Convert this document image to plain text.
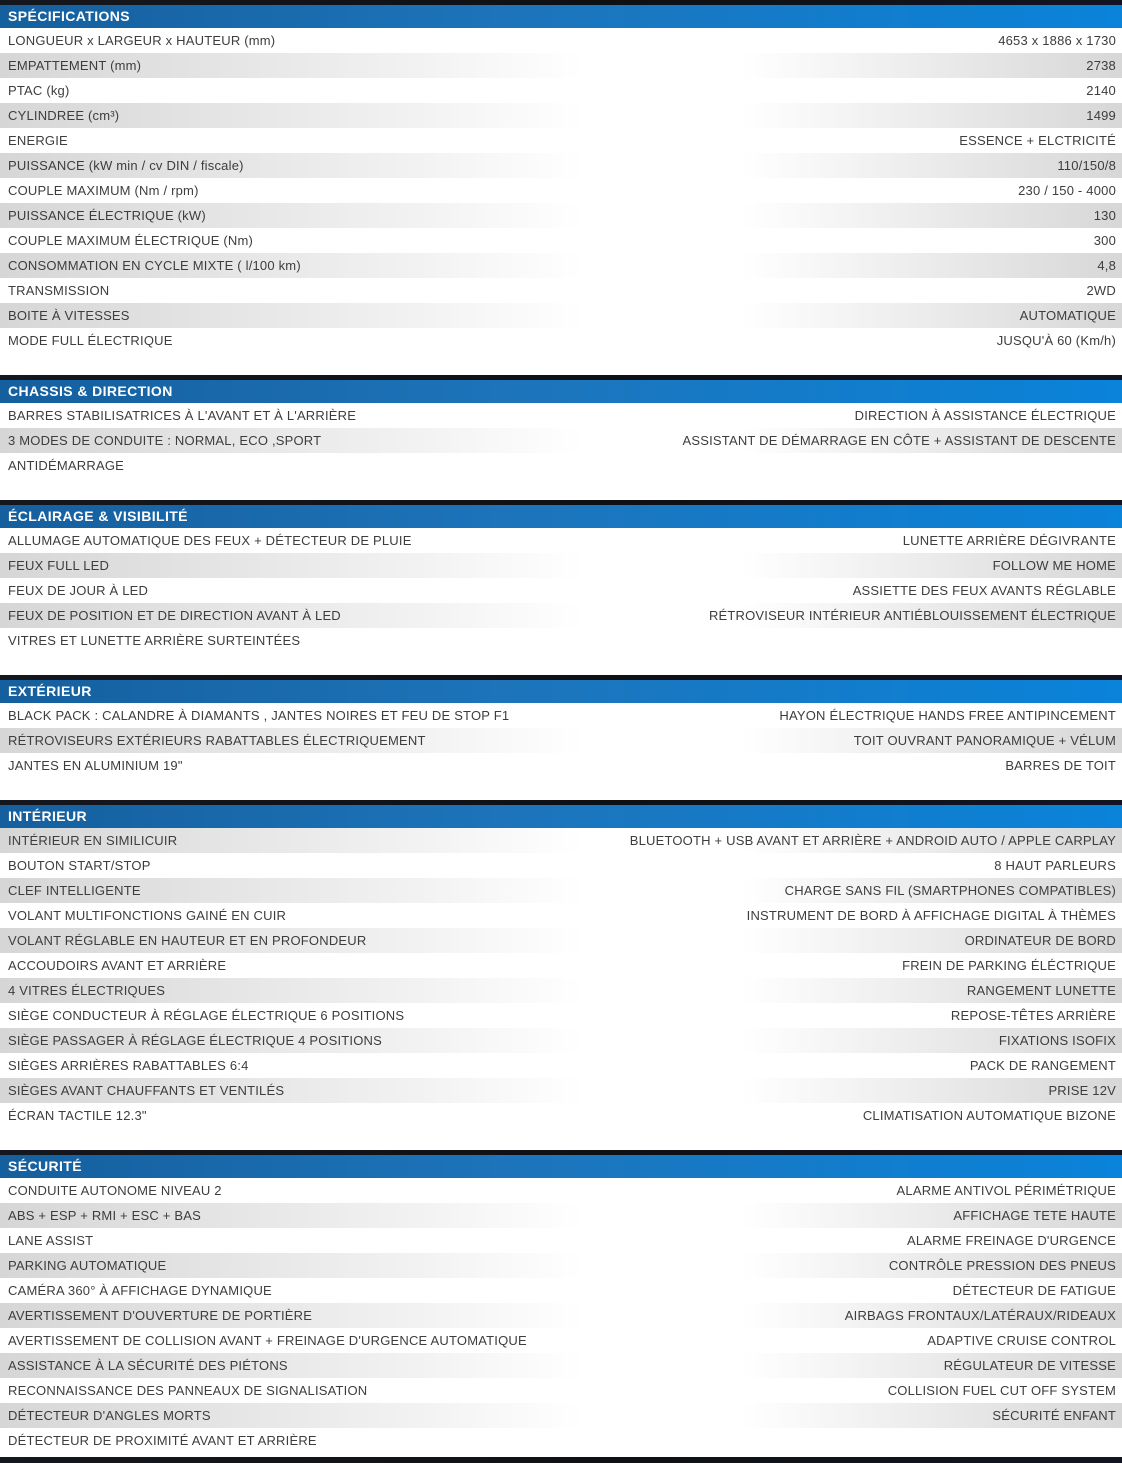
SPÉCIFICATIONS
LONGUEUR x LARGEUR x HAUTEUR (mm)	4653 x 1886 x 1730
EMPATTEMENT (mm)	2738
PTAC (kg)	2140
CYLINDREE (cm³)	1499
ENERGIE	ESSENCE + ELCTRICITÉ
PUISSANCE (kW min / cv DIN / fiscale)	110/150/8
COUPLE MAXIMUM (Nm / rpm)	230 / 150 - 4000
PUISSANCE ÉLECTRIQUE (kW)	130
COUPLE MAXIMUM ÉLECTRIQUE (Nm)	300
CONSOMMATION EN CYCLE MIXTE ( l/100 km)	4,8
TRANSMISSION	2WD
BOITE À VITESSES	AUTOMATIQUE
MODE FULL ÉLECTRIQUE	JUSQU'À 60 (Km/h)
CHASSIS & DIRECTION
BARRES STABILISATRICES À L'AVANT ET À L'ARRIÈRE	DIRECTION À ASSISTANCE ÉLECTRIQUE
3 MODES DE CONDUITE : NORMAL, ECO ,SPORT	ASSISTANT DE DÉMARRAGE EN CÔTE + ASSISTANT DE DESCENTE
ANTIDÉMARRAGE
ÉCLAIRAGE & VISIBILITÉ
ALLUMAGE AUTOMATIQUE DES FEUX + DÉTECTEUR DE PLUIE	LUNETTE ARRIÈRE DÉGIVRANTE
FEUX FULL LED	FOLLOW ME HOME
FEUX DE JOUR À LED	ASSIETTE DES FEUX AVANTS RÉGLABLE
FEUX DE POSITION ET DE DIRECTION AVANT À LED	RÉTROVISEUR INTÉRIEUR ANTIÉBLOUISSEMENT ÉLECTRIQUE
VITRES ET LUNETTE ARRIÈRE SURTEINTÉES
EXTÉRIEUR
BLACK PACK : CALANDRE À DIAMANTS , JANTES NOIRES ET FEU DE STOP F1	HAYON ÉLECTRIQUE HANDS FREE ANTIPINCEMENT
RÉTROVISEURS EXTÉRIEURS RABATTABLES ÉLECTRIQUEMENT	TOIT OUVRANT PANORAMIQUE + VÉLUM
JANTES EN ALUMINIUM 19"	BARRES DE TOIT
INTÉRIEUR
INTÉRIEUR EN SIMILICUIR	BLUETOOTH + USB AVANT ET ARRIÈRE + ANDROID AUTO / APPLE CARPLAY
BOUTON START/STOP	8 HAUT PARLEURS
CLEF INTELLIGENTE	CHARGE SANS FIL (SMARTPHONES COMPATIBLES)
VOLANT MULTIFONCTIONS GAINÉ EN CUIR	INSTRUMENT DE BORD À AFFICHAGE DIGITAL À THÈMES
VOLANT RÉGLABLE EN HAUTEUR ET EN PROFONDEUR	ORDINATEUR DE BORD
ACCOUDOIRS AVANT ET ARRIÈRE	FREIN DE PARKING ÉLÉCTRIQUE
4 VITRES ÉLECTRIQUES	RANGEMENT LUNETTE
SIÈGE CONDUCTEUR À RÉGLAGE ÉLECTRIQUE 6 POSITIONS	REPOSE-TÊTES ARRIÈRE
SIÈGE PASSAGER À RÉGLAGE ÉLECTRIQUE 4 POSITIONS	FIXATIONS ISOFIX
SIÈGES ARRIÈRES RABATTABLES 6:4	PACK DE RANGEMENT
SIÈGES AVANT CHAUFFANTS ET VENTILÉS	PRISE 12V
ÉCRAN TACTILE 12.3"	CLIMATISATION AUTOMATIQUE BIZONE
SÉCURITÉ
CONDUITE AUTONOME NIVEAU 2	ALARME ANTIVOL PÉRIMÉTRIQUE
ABS + ESP + RMI + ESC + BAS	AFFICHAGE TETE HAUTE
LANE ASSIST	ALARME FREINAGE D'URGENCE
PARKING AUTOMATIQUE	CONTRÔLE PRESSION DES PNEUS
CAMÉRA 360° À AFFICHAGE DYNAMIQUE	DÉTECTEUR DE FATIGUE
AVERTISSEMENT D'OUVERTURE DE PORTIÈRE	AIRBAGS FRONTAUX/LATÉRAUX/RIDEAUX
AVERTISSEMENT DE COLLISION AVANT + FREINAGE D'URGENCE AUTOMATIQUE	ADAPTIVE CRUISE CONTROL
ASSISTANCE À LA SÉCURITÉ DES PIÉTONS	RÉGULATEUR DE VITESSE
RECONNAISSANCE DES PANNEAUX DE SIGNALISATION	COLLISION FUEL CUT OFF SYSTEM
DÉTECTEUR D'ANGLES MORTS	SÉCURITÉ ENFANT
DÉTECTEUR DE PROXIMITÉ AVANT ET ARRIÈRE
